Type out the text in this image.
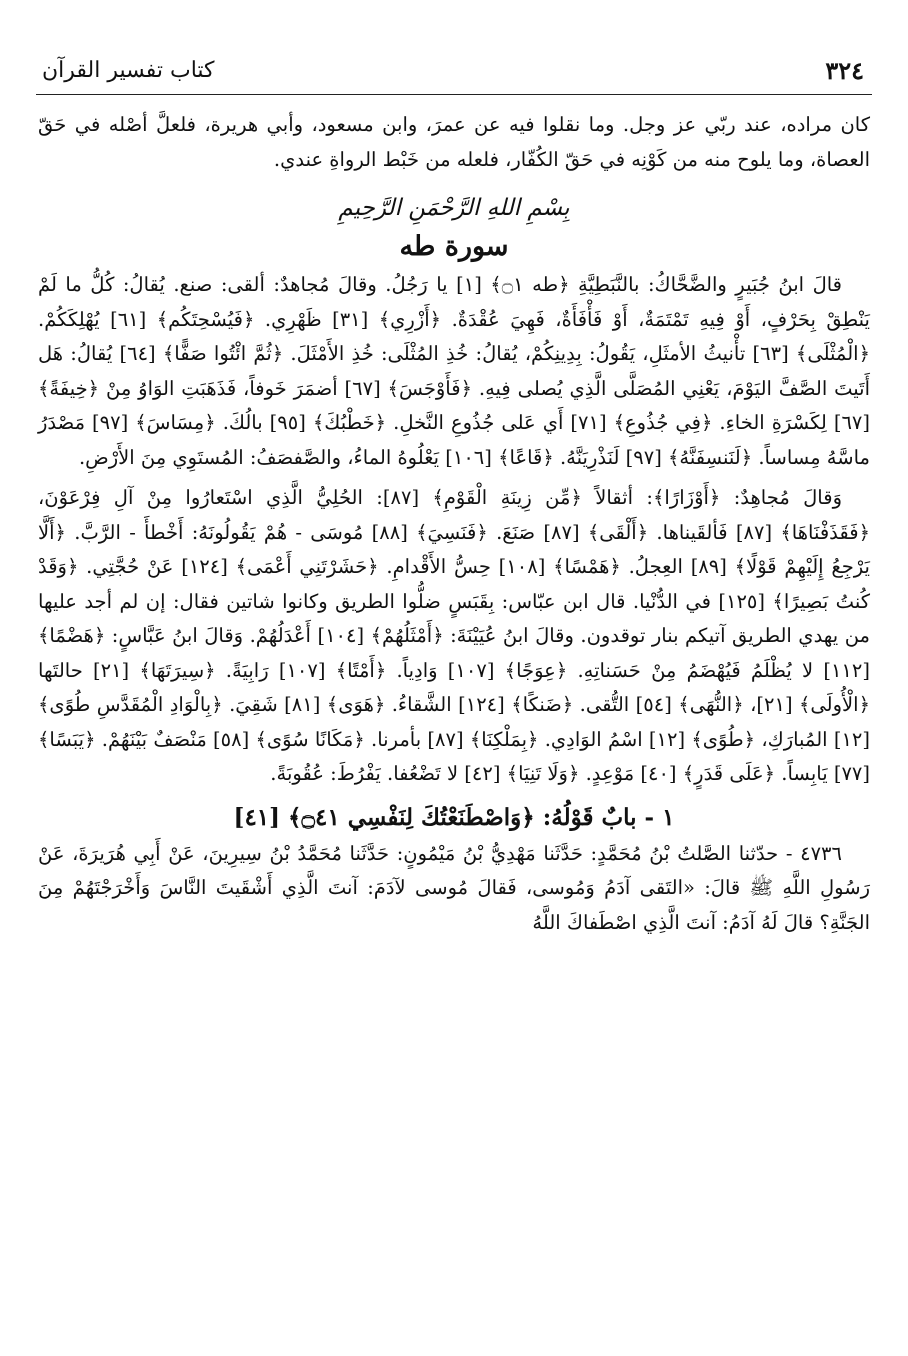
٣٢٤
كتاب تفسير القرآن

كان مراده، عند ربّي عز وجل. وما نقلوا فيه عن عمرَ، وابن مسعود، وأبي هريرة، فلعلَّ أصْله في حَقّ العصاة، وما يلوح منه من كَوْنِه في حَقّ الكُفّار، فلعله من خَبْط الرواةِ عندي.

بِسْمِ اللهِ الرَّحْمَنِ الرَّحِيمِ
سورة طه

قالَ ابنُ جُبَيرٍ والضَّحَّاكُ: بالنَّبَطِيَّةِ ﴿طه ۝١﴾ [١] يا رَجُلُ. وقالَ مُجاهدٌ: ألقى: صنع. يُقالُ: كُلُّ ما لَمْ يَنْطِقْ بِحَرْفٍ، أَوْ فِيهِ تَمْتَمَةٌ، أَوْ فَأْفَأَةٌ، فَهِيَ عُقْدَةٌ. ﴿أَزْرِي﴾ [٣١] ظَهْرِي. ﴿فَيُسْحِتَكُم﴾ [٦١] يُهْلِكَكُمْ. ﴿الْمُثْلَى﴾ [٦٣] تأْنيثُ الأمثَلِ، يَقُولُ: بِدِينِكُمْ، يُقالُ: خُذِ المُثْلَى: خُذِ الأَمْثَلَ. ﴿ثُمَّ ائْتُوا صَفًّا﴾ [٦٤] يُقالُ: هَل أَتَيتَ الصَّفَّ اليَوْمَ، يَعْنِي المُصَلَّى الَّذِي يُصلى فِيهِ. ﴿فَأَوْجَسَ﴾ [٦٧] أضمَرَ خَوفاً، فَذَهَبَتِ الوَاوُ مِنْ ﴿خِيفَةً﴾ [٦٧] لِكَسْرَةِ الخاءِ. ﴿فِي جُذُوعِ﴾ [٧١] أَي عَلى جُذُوعِ النَّخلِ. ﴿خَطْبُكَ﴾ [٩٥] بالُكَ. ﴿مِسَاسَ﴾ [٩٧] مَصْدَرُ ماسَّهُ مِساساً. ﴿لَنَنسِفَنَّهُ﴾ [٩٧] لَنَذْرِيَنَّهُ. ﴿قَاعًا﴾ [١٠٦] يَعْلُوهُ الماءُ، والصَّفصَفُ: المُستَوِي مِنَ الأَرْضِ.

وَقالَ مُجاهِدٌ: ﴿أَوْزَارًا﴾: أثقالاً ﴿مِّن زِينَةِ الْقَوْمِ﴾ [٨٧]: الحُلِيُّ الَّذِي اسْتَعارُوا مِنْ آلِ فِرْعَوْنَ، ﴿فَقَذَفْنَاهَا﴾ [٨٧] فَألقَيناها. ﴿أَلْقَى﴾ [٨٧] صَنَعَ. ﴿فَنَسِيَ﴾ [٨٨] مُوسَى - هُمْ يَقُولُونَهُ: أَخْطأَ - الرَّبَّ. ﴿أَلَّا يَرْجِعُ إِلَيْهِمْ قَوْلًا﴾ [٨٩] العِجلُ. ﴿هَمْسًا﴾ [١٠٨] حِسُّ الأَقْدامِ. ﴿حَشَرْتَنِي أَعْمَى﴾ [١٢٤] عَنْ حُجَّتِي. ﴿وَقَدْ كُنتُ بَصِيرًا﴾ [١٢٥] في الدُّنْيا. قال ابن عبّاس: بِقَبَسٍ ضلُّوا الطريق وكانوا شاتين فقال: إن لم أجد عليها من يهدي الطريق آتيكم بنار توقدون. وقالَ ابنُ عُيَيْنَةَ: ﴿أَمْثَلُهُمْ﴾ [١٠٤] أَعْدَلُهُمْ. وَقالَ ابنُ عَبَّاسٍ: ﴿هَضْمًا﴾ [١١٢] لا يُظْلَمُ فَيُهْضَمُ مِنْ حَسَناتِهِ. ﴿عِوَجًا﴾ [١٠٧] وَادِياً. ﴿أَمْتًا﴾ [١٠٧] رَابِيَةً. ﴿سِيرَتَهَا﴾ [٢١] حالتَها ﴿الْأُولَى﴾ [٢١]، ﴿النُّهَى﴾ [٥٤] التُّقى. ﴿ضَنكًا﴾ [١٢٤] الشَّقاءُ. ﴿هَوَى﴾ [٨١] شَقِيَ. ﴿بِالْوَادِ الْمُقَدَّسِ طُوًى﴾ [١٢] المُبارَكِ، ﴿طُوًى﴾ [١٢] اسْمُ الوَادِي. ﴿بِمَلْكِنَا﴾ [٨٧] بأمرنا. ﴿مَكَانًا سُوًى﴾ [٥٨] مَنْصَفٌ بَيْنَهُمْ. ﴿يَبَسًا﴾ [٧٧] يَابِساً. ﴿عَلَى قَدَرٍ﴾ [٤٠] مَوْعِدٍ. ﴿وَلَا تَنِيَا﴾ [٤٢] لا تَضْعُفا. يَفْرُطَ: عُقُوبَةً.

١ - بابٌ قَوْلُهُ: ﴿وَاصْطَنَعْتُكَ لِنَفْسِي ۝٤١﴾ [٤١]

٤٧٣٦ - حدّثنا الصَّلتُ بْنُ مُحَمَّدٍ: حَدَّثَنا مَهْدِيُّ بْنُ مَيْمُونٍ: حَدَّثَنا مُحَمَّدُ بْنُ سِيرِينَ، عَنْ أَبِي هُرَيرَةَ، عَنْ رَسُولِ اللَّهِ ﷺ قالَ: «التَقى آدَمُ وَمُوسى، فَقالَ مُوسى لآدَمَ: آنتَ الَّذِي أَشْقَيتَ النَّاسَ وَأَخْرَجْتَهُمْ مِنَ الجَنَّةِ؟ قالَ لَهُ آدَمُ: آنتَ الَّذِي اصْطَفاكَ اللَّهُ
